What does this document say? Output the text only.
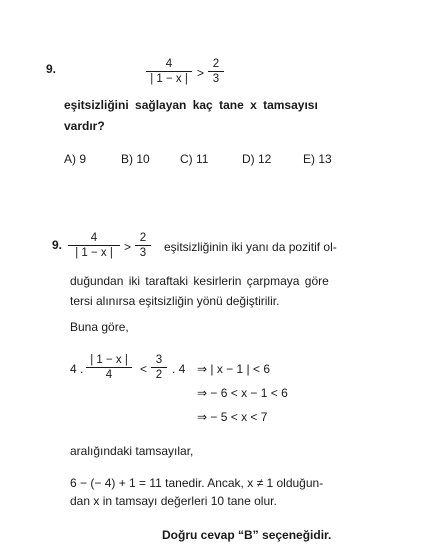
9.	4
| 1 − x | >
2
3
eşitsizliğini sağlayan kaç tane x tamsayısı
vardır?
A) 9	B) 10	C) 11	D) 12	E) 13
9.	4
| 1 − x | >
2
3	eşitsizliğinin iki yanı da pozitif ol-
duğundan iki taraftaki kesirlerin çarpmaya göre
tersi alınırsa eşitsizliğin yönü değiştirilir.
Buna göre,
4 .
| 1 − x |
4	<
3
2 . 4 ⇒ | x − 1 | < 6
⇒ − 6 < x − 1 < 6
⇒ − 5 < x < 7
aralığındaki tamsayılar,
6 − (− 4) + 1 = 11 tanedir. Ancak, x ≠ 1 olduğun-
dan x in tamsayı değerleri 10 tane olur.
Doğru cevap “B” seçeneğidir.
